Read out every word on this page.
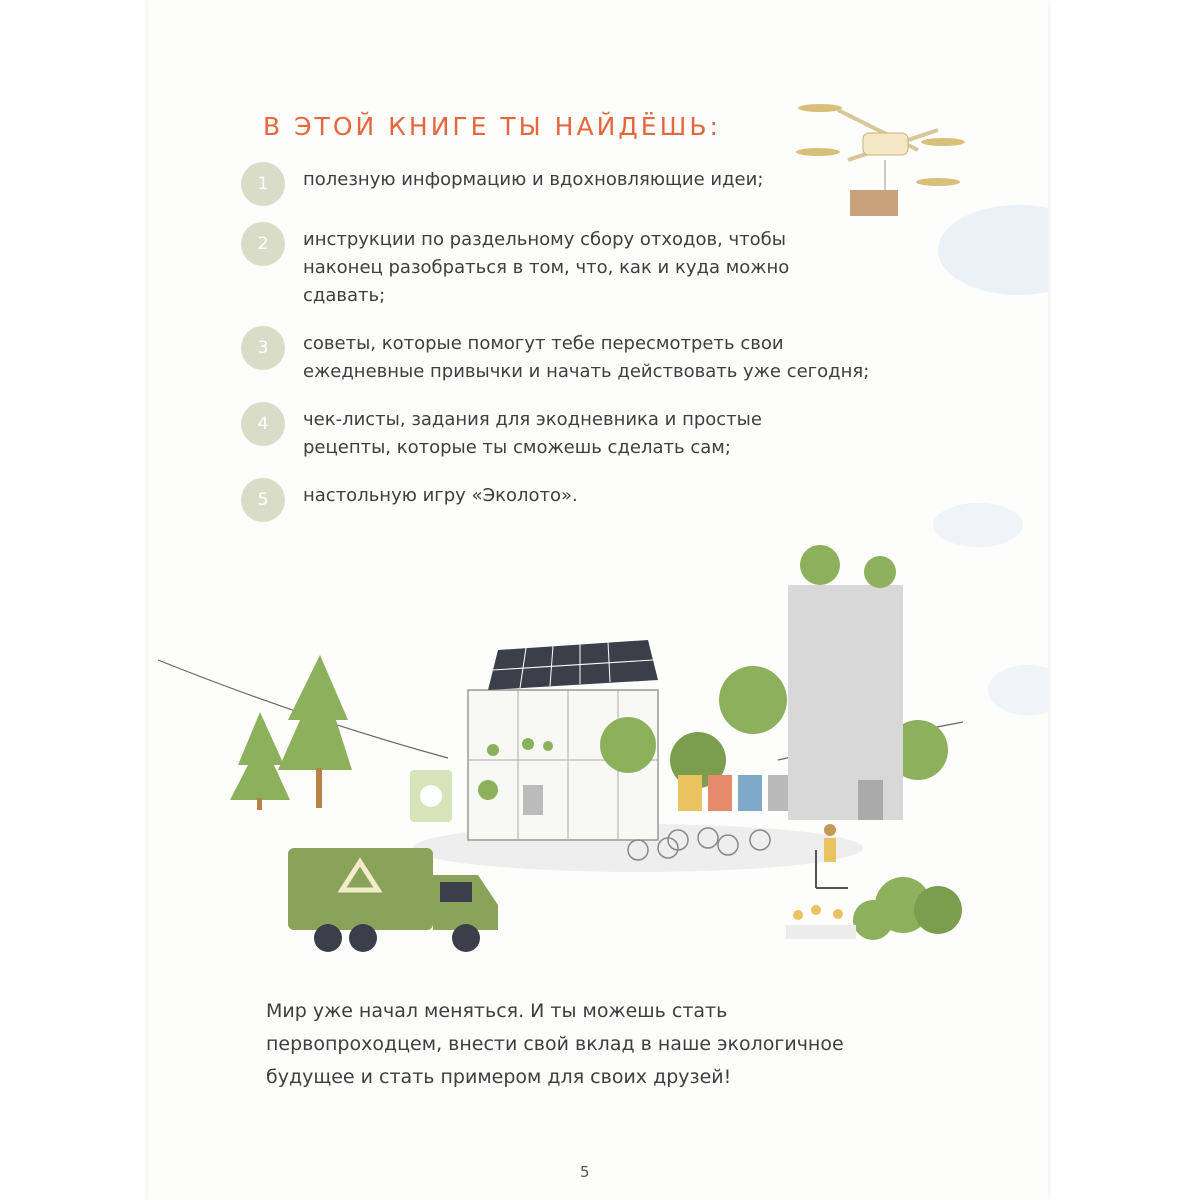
В ЭТОЙ КНИГЕ ТЫ НАЙДЁШЬ:
1	полезную информацию и вдохновляющие идеи;
2	инструкции по раздельному сбору отходов, чтобы наконец разобраться в том, что, как и куда можно сдавать;
3	советы, которые помогут тебе пересмотреть свои ежедневные привычки и начать действовать уже сегодня;
4	чек-листы, задания для экодневника и простые рецепты, которые ты сможешь сделать сам;
5	настольную игру «Эколото».
Мир уже начал меняться. И ты можешь стать первопроходцем, внести свой вклад в наше экологичное будущее и стать примером для своих друзей!
5
